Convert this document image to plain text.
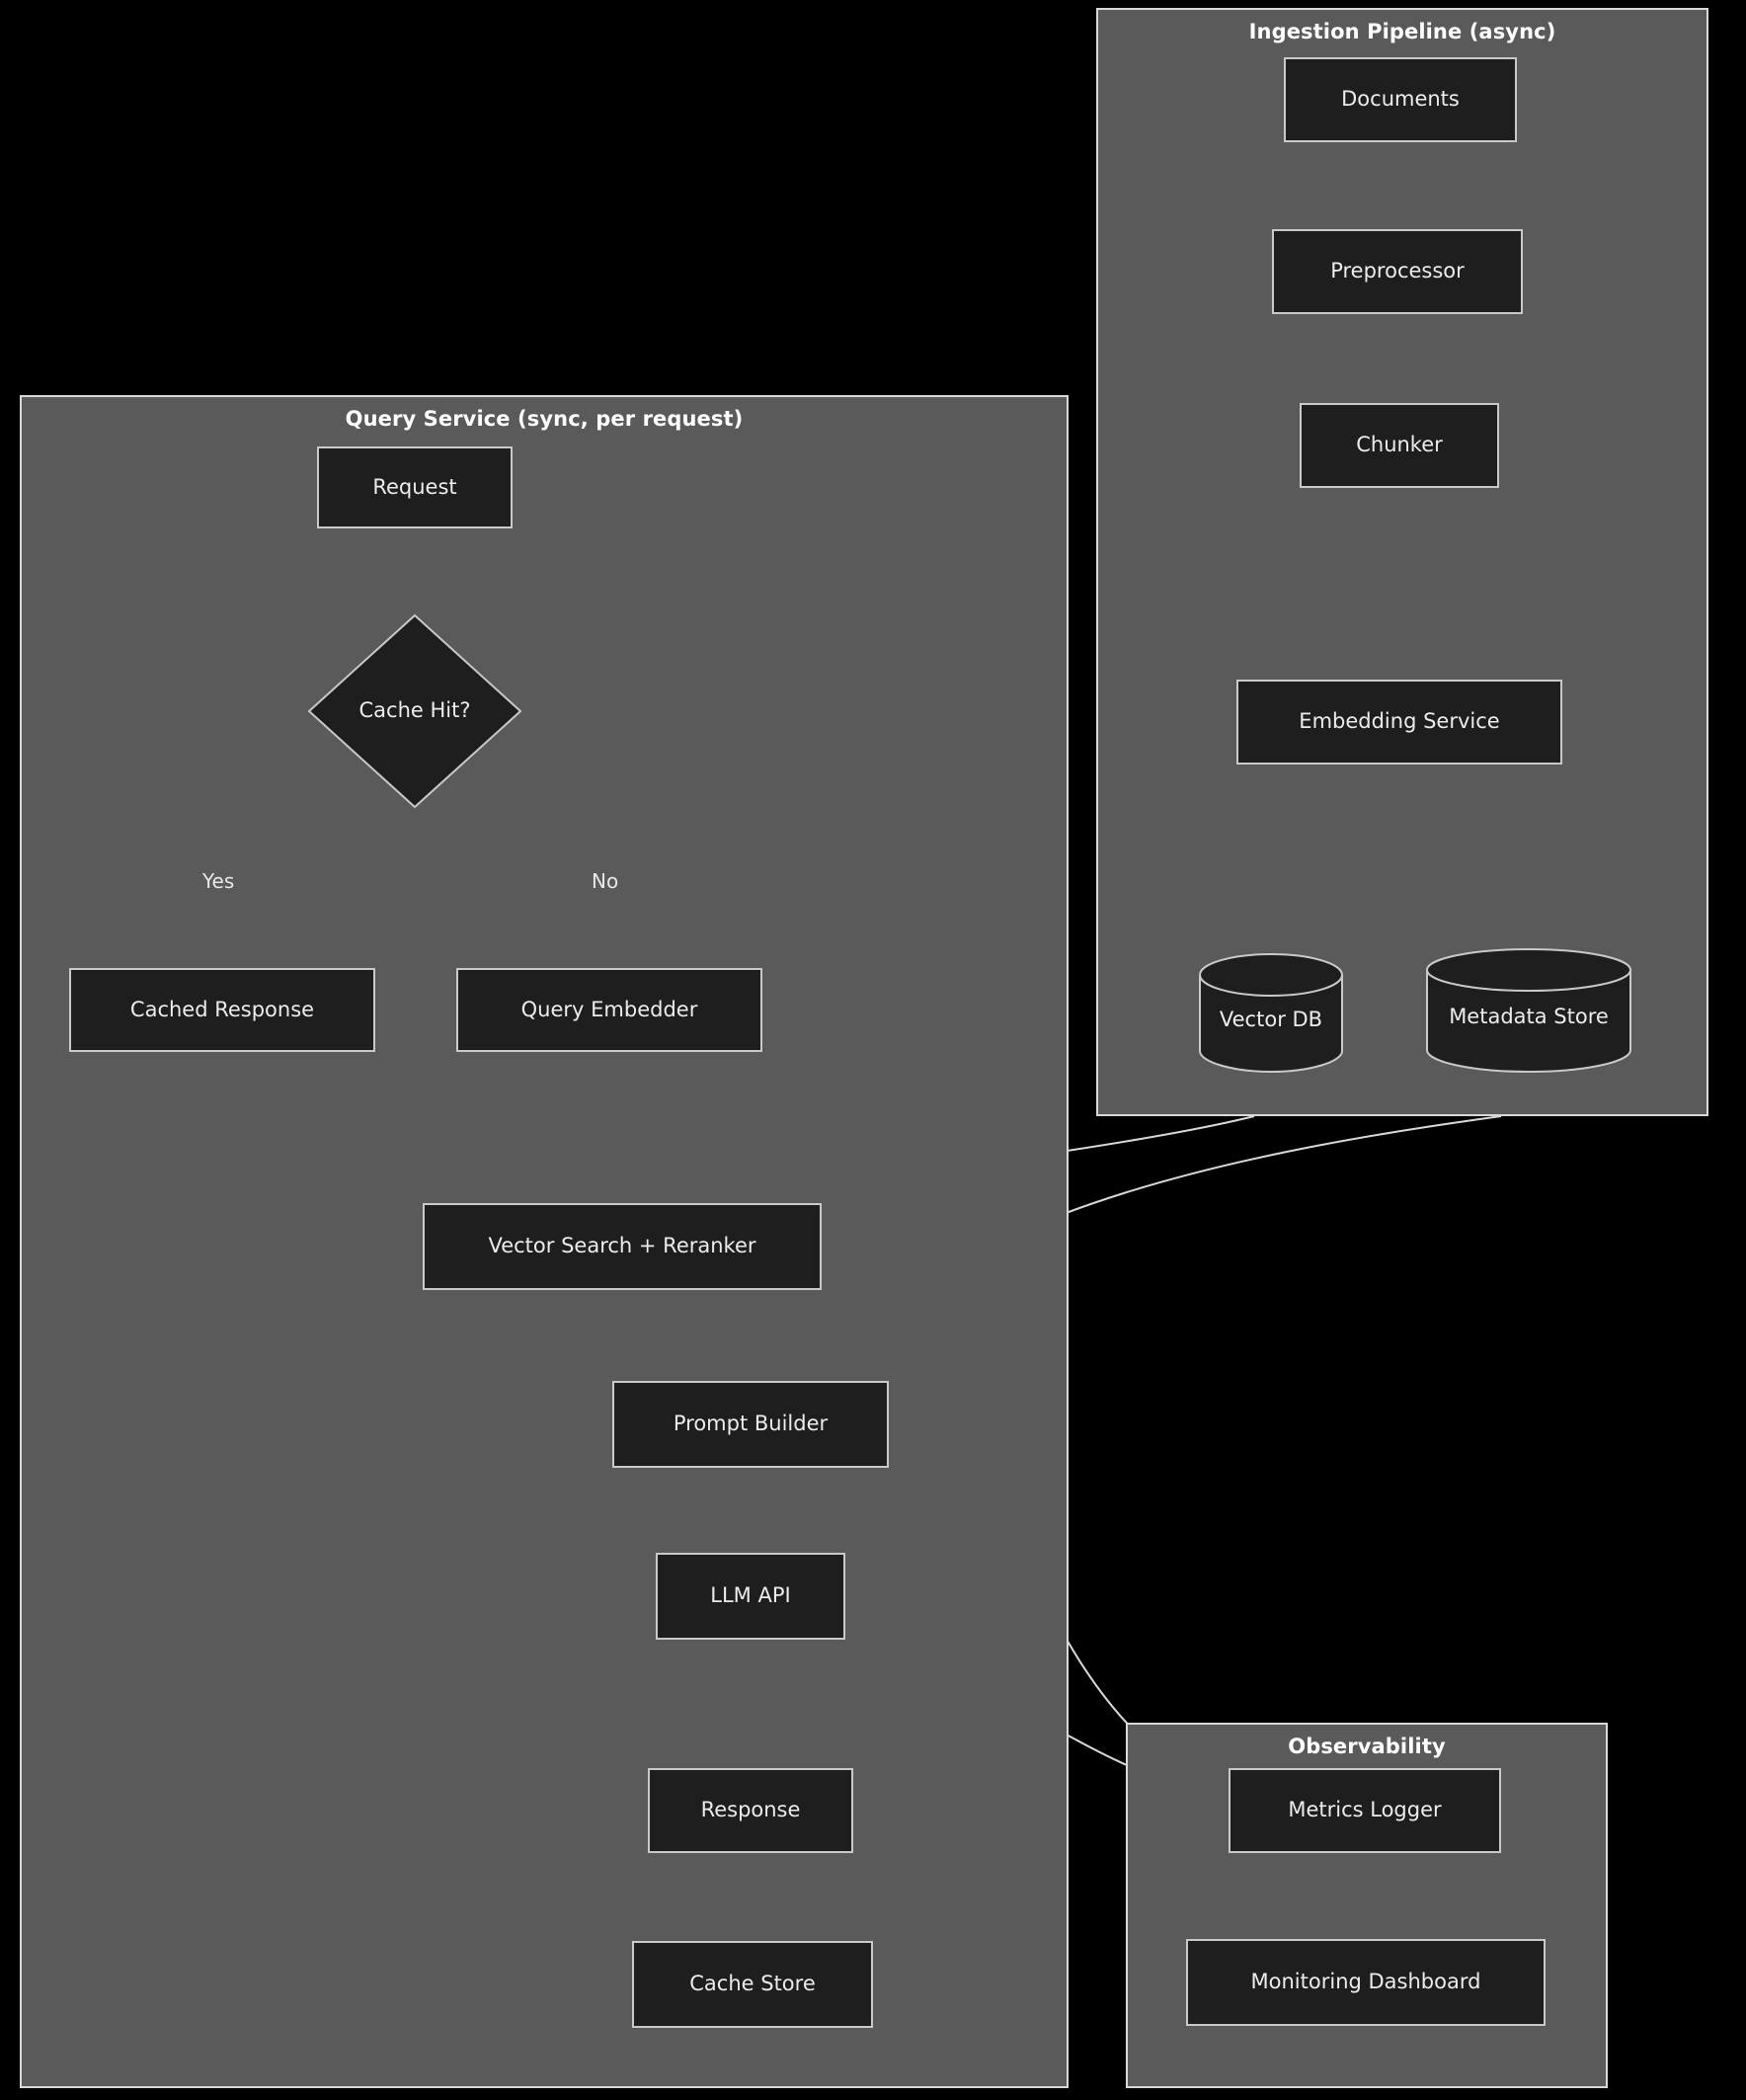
Ingestion Pipeline (async)
Query Service (sync, per request)
Observability
Documents
Preprocessor
Chunker
Embedding Service
Vector DB	Metadata Store
Request
Cache Hit?
Cached Response	Query Embedder
Vector Search + Reranker
Prompt Builder
LLM API
Response
Cache Store
Metrics Logger
Monitoring Dashboard
Yes	No
